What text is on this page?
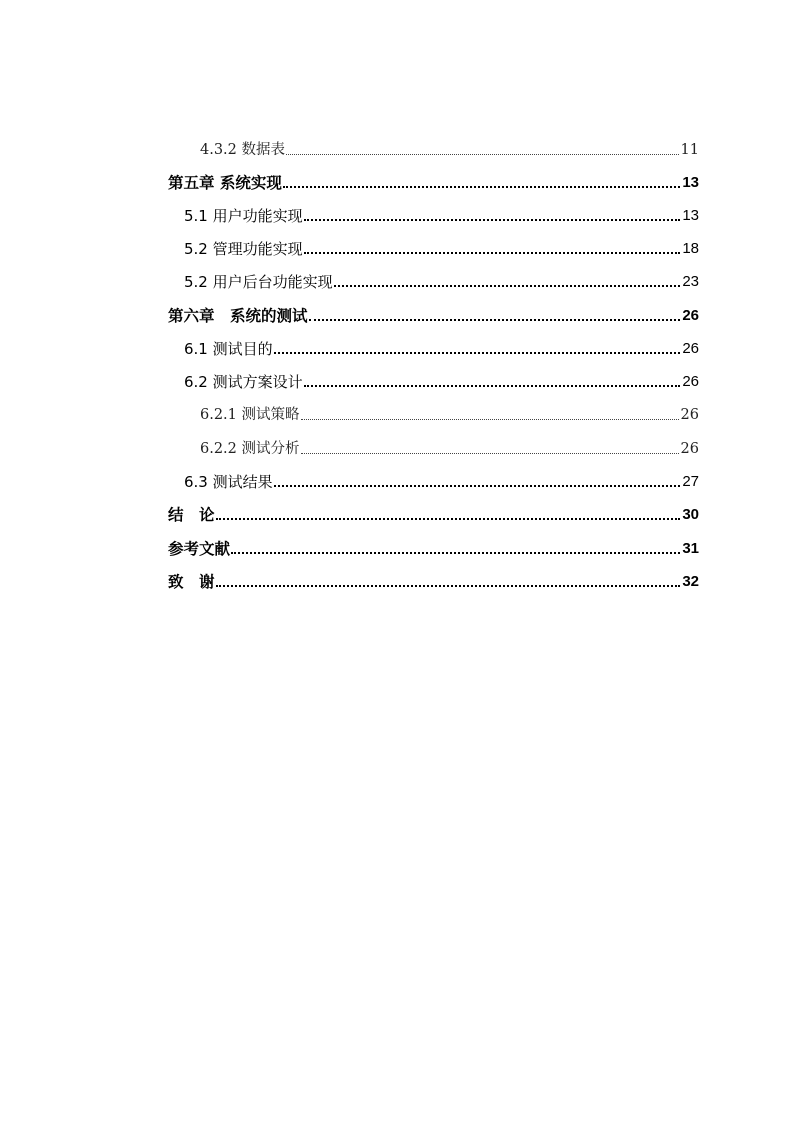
4.3.2 数据表	11
第五章 系统实现	13
5.1 用户功能实现	13
5.2 管理功能实现	18
5.2 用户后台功能实现	23
第六章　系统的测试	26
6.1 测试目的	26
6.2 测试方案设计	26
6.2.1 测试策略	26
6.2.2 测试分析	26
6.3 测试结果	27
结　论	30
参考文献	31
致　谢	32
